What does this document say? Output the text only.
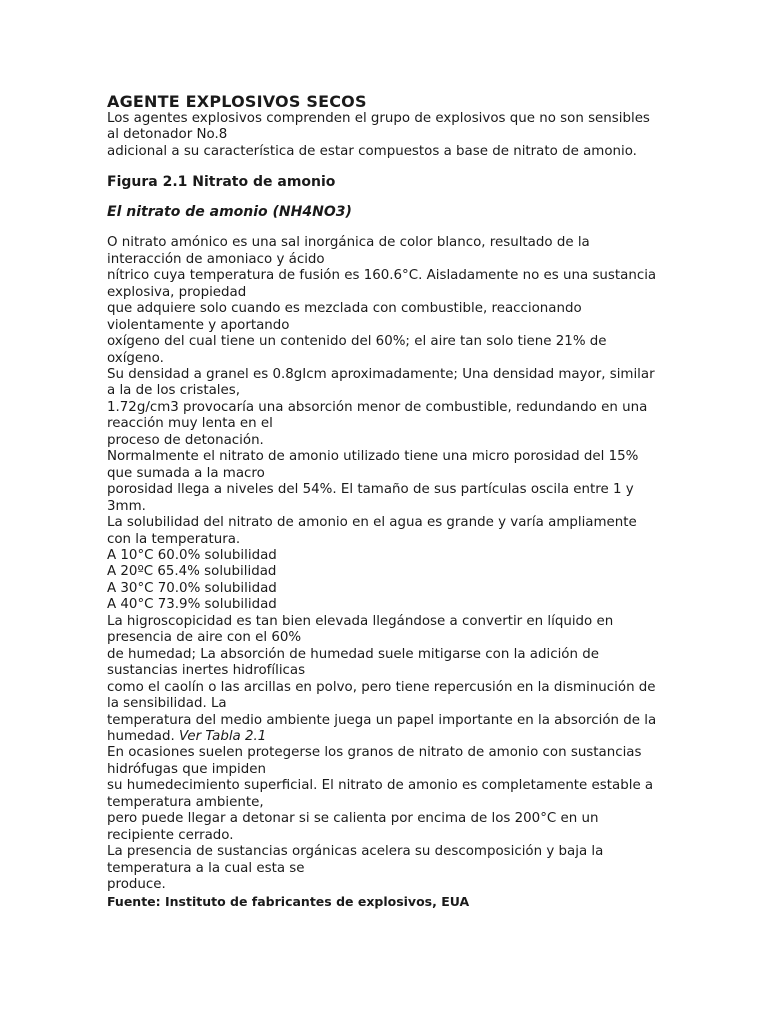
AGENTE EXPLOSIVOS SECOS

Los agentes explosivos comprenden el grupo de explosivos que no son sensibles al detonador No.8

adicional a su característica de estar compuestos a base de nitrato de amonio.

Figura 2.1 Nitrato de amonio

El nitrato de amonio (NH4NO3)

O nitrato amónico es una sal inorgánica de color blanco, resultado de la interacción de amoniaco y ácido

nítrico cuya temperatura de fusión es 160.6°C. Aisladamente no es una sustancia explosiva, propiedad

que adquiere solo cuando es mezclada con combustible, reaccionando violentamente y aportando

oxígeno del cual tiene un contenido del 60%; el aire tan solo tiene 21% de oxígeno.

Su densidad a granel es 0.8gIcm aproximadamente; Una densidad mayor, similar a la de los cristales,

1.72g/cm3 provocaría una absorción menor de combustible, redundando en una reacción muy lenta en el

proceso de detonación.

Normalmente el nitrato de amonio utilizado tiene una micro porosidad del 15% que sumada a la macro

porosidad llega a niveles del 54%. El tamaño de sus partículas oscila entre 1 y 3mm.

La solubilidad del nitrato de amonio en el agua es grande y varía ampliamente con la temperatura.

A 10°C 60.0% solubilidad

A 20ºC 65.4% solubilidad

A 30°C 70.0% solubilidad

A 40°C 73.9% solubilidad

La higroscopicidad es tan bien elevada llegándose a convertir en líquido en presencia de aire con el 60%

de humedad; La absorción de humedad suele mitigarse con la adición de sustancias inertes hidrofílicas

como el caolín o las arcillas en polvo, pero tiene repercusión en la disminución de la sensibilidad. La

temperatura del medio ambiente juega un papel importante en la absorción de la humedad. Ver Tabla 2.1

En ocasiones suelen protegerse los granos de nitrato de amonio con sustancias hidrófugas que impiden

su humedecimiento superficial. El nitrato de amonio es completamente estable a temperatura ambiente,

pero puede llegar a detonar si se calienta por encima de los 200°C en un recipiente cerrado.

La presencia de sustancias orgánicas acelera su descomposición y baja la temperatura a la cual esta se

produce.

Fuente: Instituto de fabricantes de explosivos, EUA
